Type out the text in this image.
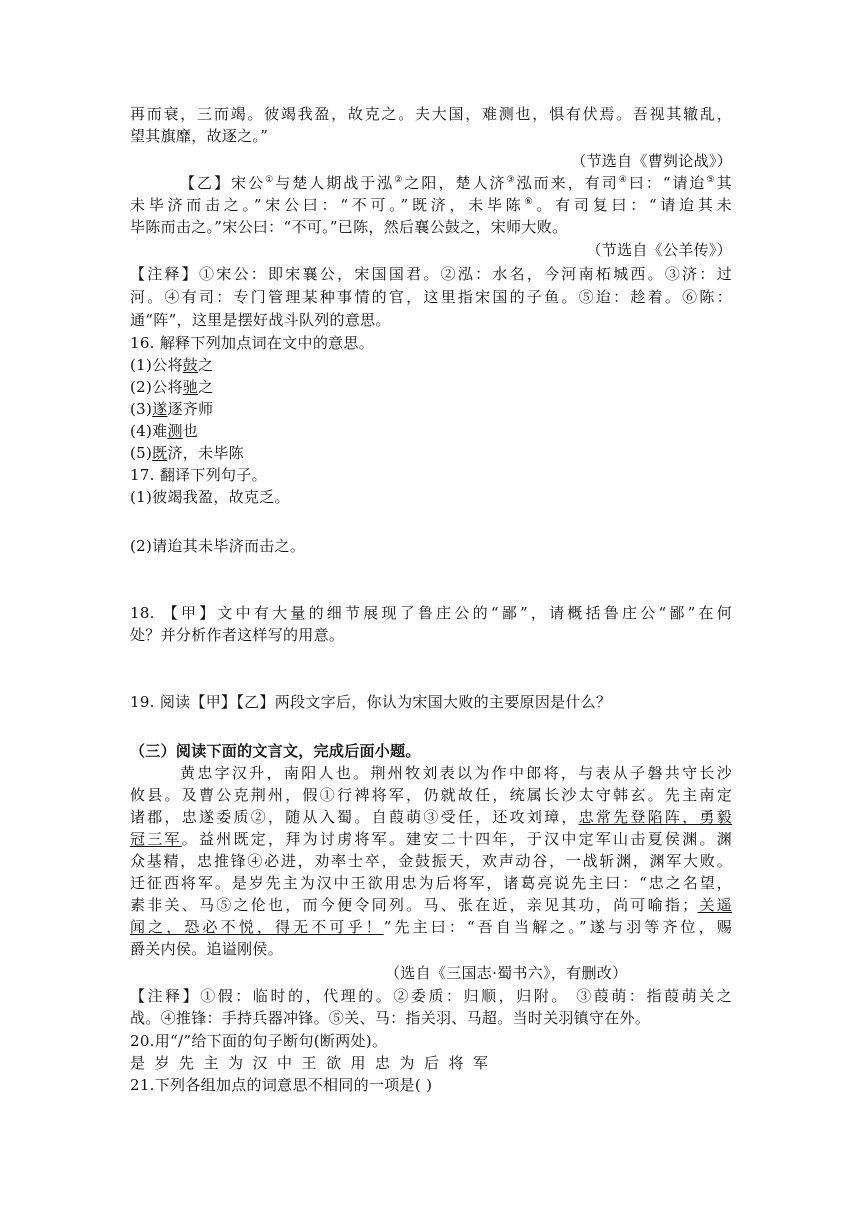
再而衰，三而竭。彼竭我盈，故克之。夫大国，难测也，惧有伏焉。吾视其辙乱，
望其旗靡，故逐之。”
（节选自《曹刿论战》）
【乙】宋公①与楚人期战于泓②之阳，楚人济③泓而来，有司④曰：“请迨⑤其
未毕济而击之。”宋公曰：“不可。”既济，未毕陈⑥。有司复曰：“请迨其未
毕陈而击之。”宋公曰：“不可。”已陈，然后襄公鼓之，宋师大败。
（节选自《公羊传》）
【注释】①宋公：即宋襄公，宋国国君。②泓：水名，今河南柘城西。③济：过
河。④有司：专门管理某种事情的官，这里指宋国的子鱼。⑤迨：趁着。⑥陈：
通“阵”，这里是摆好战斗队列的意思。
16. 解释下列加点词在文中的意思。
(1)公将鼓之
(2)公将驰之
(3)遂逐齐师
(4)难测也
(5)既济，未毕陈
17. 翻译下列句子。
(1)彼竭我盈，故克乏。
(2)请迨其未毕济而击之。
18. 【甲】文中有大量的细节展现了鲁庄公的“鄙”，请概括鲁庄公“鄙”在何
处？并分析作者这样写的用意。
19. 阅读【甲】【乙】两段文字后，你认为宋国大败的主要原因是什么？
（三）阅读下面的文言文，完成后面小题。
黄忠字汉升，南阳人也。荆州牧刘表以为作中郎将，与表从子磐共守长沙
攸县。及曹公克荆州，假①行裨将军，仍就故任，统属长沙太守韩玄。先主南定
诸郡，忠遂委质②，随从入蜀。自葭萌③受任，还攻刘璋，忠常先登陷阵，勇毅
冠三军。益州既定，拜为讨虏将军。建安二十四年，于汉中定军山击夏侯渊。渊
众基精，忠推锋④必进，劝率士卒，金鼓振天，欢声动谷，一战斩渊，渊军大败。
迁征西将军。是岁先主为汉中王欲用忠为后将军，诸葛亮说先主曰：“忠之名望，
素非关、马⑤之伦也，而今便令同列。马、张在近，亲见其功，尚可喻指；关遥
闻之，恐必不悦，得无不可乎！”先主曰：“吾自当解之。”遂与羽等齐位，赐
爵关内侯。追谥刚侯。
（选自《三国志·蜀书六》，有删改）
【注释】①假：临时的，代理的。②委质：归顺，归附。 ③葭萌：指葭萌关之
战。④推锋：手持兵器冲锋。⑤关、马：指关羽、马超。当时关羽镇守在外。
20.用“/”给下面的句子断句(断两处)。
是岁先主为汉中王欲用忠为后将军
21.下列各组加点的词意思不相同的一项是( )
